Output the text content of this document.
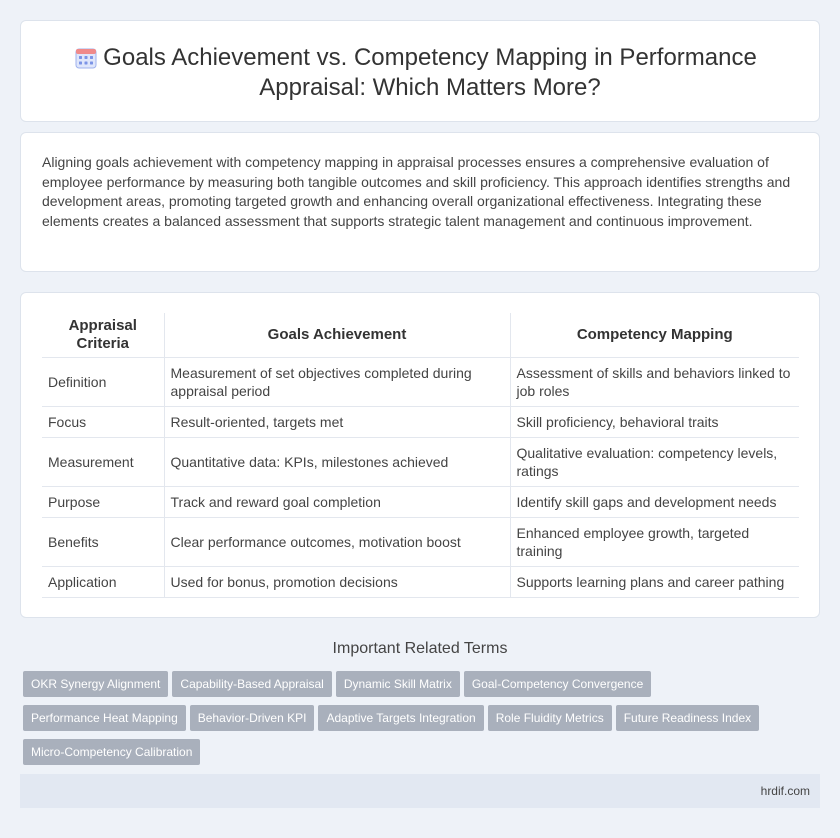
Goals Achievement vs. Competency Mapping in Performance Appraisal: Which Matters More?

Aligning goals achievement with competency mapping in appraisal processes ensures a comprehensive evaluation of employee performance by measuring both tangible outcomes and skill proficiency. This approach identifies strengths and development areas, promoting targeted growth and enhancing overall organizational effectiveness. Integrating these elements creates a balanced assessment that supports strategic talent management and continuous improvement.

Appraisal Criteria	Goals Achievement	Competency Mapping
Definition	Measurement of set objectives completed during appraisal period	Assessment of skills and behaviors linked to job roles
Focus	Result-oriented, targets met	Skill proficiency, behavioral traits
Measurement	Quantitative data: KPIs, milestones achieved	Qualitative evaluation: competency levels, ratings
Purpose	Track and reward goal completion	Identify skill gaps and development needs
Benefits	Clear performance outcomes, motivation boost	Enhanced employee growth, targeted training
Application	Used for bonus, promotion decisions	Supports learning plans and career pathing
Important Related Terms
OKR Synergy Alignment Capability-Based Appraisal Dynamic Skill Matrix Goal-Competency Convergence
Performance Heat Mapping Behavior-Driven KPI Adaptive Targets Integration Role Fluidity Metrics Future Readiness Index
Micro-Competency Calibration
hrdif.com
